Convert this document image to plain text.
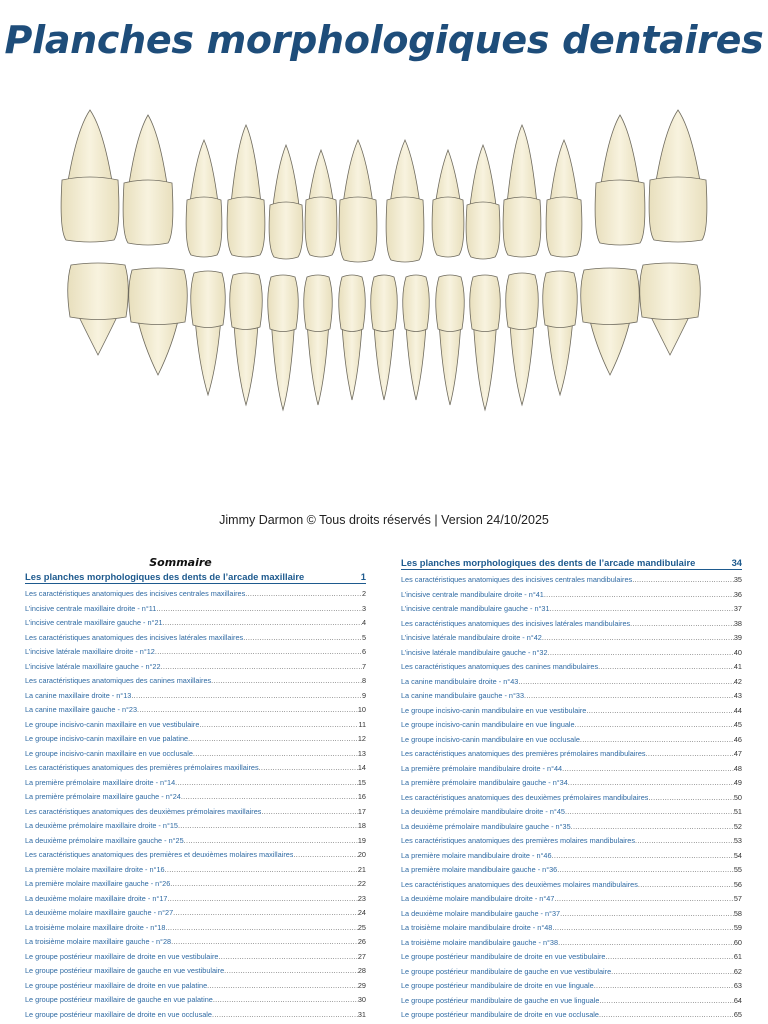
Planches morphologiques dentaires
Jimmy Darmon © Tous droits réservés | Version 24/10/2025
Sommaire
Les planches morphologiques des dents de l’arcade maxillaire	1
Les caractéristiques anatomiques des incisives centrales maxillaires .....	2
L’incisive centrale maxillaire droite - n°11 .....	3
L’incisive centrale maxillaire gauche - n°21 .....	4
Les caractéristiques anatomiques des incisives latérales maxillaires .....	5
L’incisive latérale maxillaire droite - n°12 .....	6
L’incisive latérale maxillaire gauche - n°22 .....	7
Les caractéristiques anatomiques des canines maxillaires .....	8
La canine maxillaire droite - n°13 .....	9
La canine maxillaire gauche - n°23 .....	10
Le groupe incisivo-canin maxillaire en vue vestibulaire .....	11
Le groupe incisivo-canin maxillaire en vue palatine .....	12
Le groupe incisivo-canin maxillaire en vue occlusale .....	13
Les caractéristiques anatomiques des premières prémolaires maxillaires .....	14
La première prémolaire maxillaire droite - n°14 .....	15
La première prémolaire maxillaire gauche - n°24 .....	16
Les caractéristiques anatomiques des deuxièmes prémolaires maxillaires .....	17
La deuxième prémolaire maxillaire droite - n°15 .....	18
La deuxième prémolaire maxillaire gauche - n°25 .....	19
Les caractéristiques anatomiques des premières et deuxièmes molaires maxillaires .....	20
La première molaire maxillaire droite - n°16 .....	21
La première molaire maxillaire gauche - n°26 .....	22
La deuxième molaire maxillaire droite - n°17 .....	23
La deuxième molaire maxillaire gauche - n°27 .....	24
La troisième molaire maxillaire droite - n°18 .....	25
La troisième molaire maxillaire gauche - n°28 .....	26
Le groupe postérieur maxillaire de droite en vue vestibulaire .....	27
Le groupe postérieur maxillaire de gauche en vue vestibulaire .....	28
Le groupe postérieur maxillaire de droite en vue palatine .....	29
Le groupe postérieur maxillaire de gauche en vue palatine .....	30
Le groupe postérieur maxillaire de droite en vue occlusale .....	31
Les planches morphologiques des dents de l’arcade mandibulaire	34
Les caractéristiques anatomiques des incisives centrales mandibulaires .....	35
L’incisive centrale mandibulaire droite - n°41 .....	36
L’incisive centrale mandibulaire gauche - n°31 .....	37
Les caractéristiques anatomiques des incisives latérales mandibulaires .....	38
L’incisive latérale mandibulaire droite - n°42 .....	39
L’incisive latérale mandibulaire gauche - n°32 .....	40
Les caractéristiques anatomiques des canines mandibulaires .....	41
La canine mandibulaire droite - n°43 .....	42
La canine mandibulaire gauche - n°33 .....	43
Le groupe incisivo-canin mandibulaire en vue vestibulaire .....	44
Le groupe incisivo-canin mandibulaire en vue linguale .....	45
Le groupe incisivo-canin mandibulaire en vue occlusale .....	46
Les caractéristiques anatomiques des premières prémolaires mandibulaires .....	47
La première prémolaire mandibulaire droite - n°44 .....	48
La première prémolaire mandibulaire gauche - n°34 .....	49
Les caractéristiques anatomiques des deuxièmes prémolaires mandibulaires .....	50
La deuxième prémolaire mandibulaire droite - n°45 .....	51
La deuxième prémolaire mandibulaire gauche - n°35 .....	52
Les caractéristiques anatomiques des premières molaires mandibulaires .....	53
La première molaire mandibulaire droite - n°46 .....	54
La première molaire mandibulaire gauche - n°36 .....	55
Les caractéristiques anatomiques des deuxièmes molaires mandibulaires .....	56
La deuxième molaire mandibulaire droite - n°47 .....	57
La deuxième molaire mandibulaire gauche - n°37 .....	58
La troisième molaire mandibulaire droite - n°48 .....	59
La troisième molaire mandibulaire gauche - n°38 .....	60
Le groupe postérieur mandibulaire de droite en vue vestibulaire .....	61
Le groupe postérieur mandibulaire de gauche en vue vestibulaire .....	62
Le groupe postérieur mandibulaire de droite en vue linguale .....	63
Le groupe postérieur mandibulaire de gauche en vue linguale .....	64
Le groupe postérieur mandibulaire de droite en vue occlusale .....	65
